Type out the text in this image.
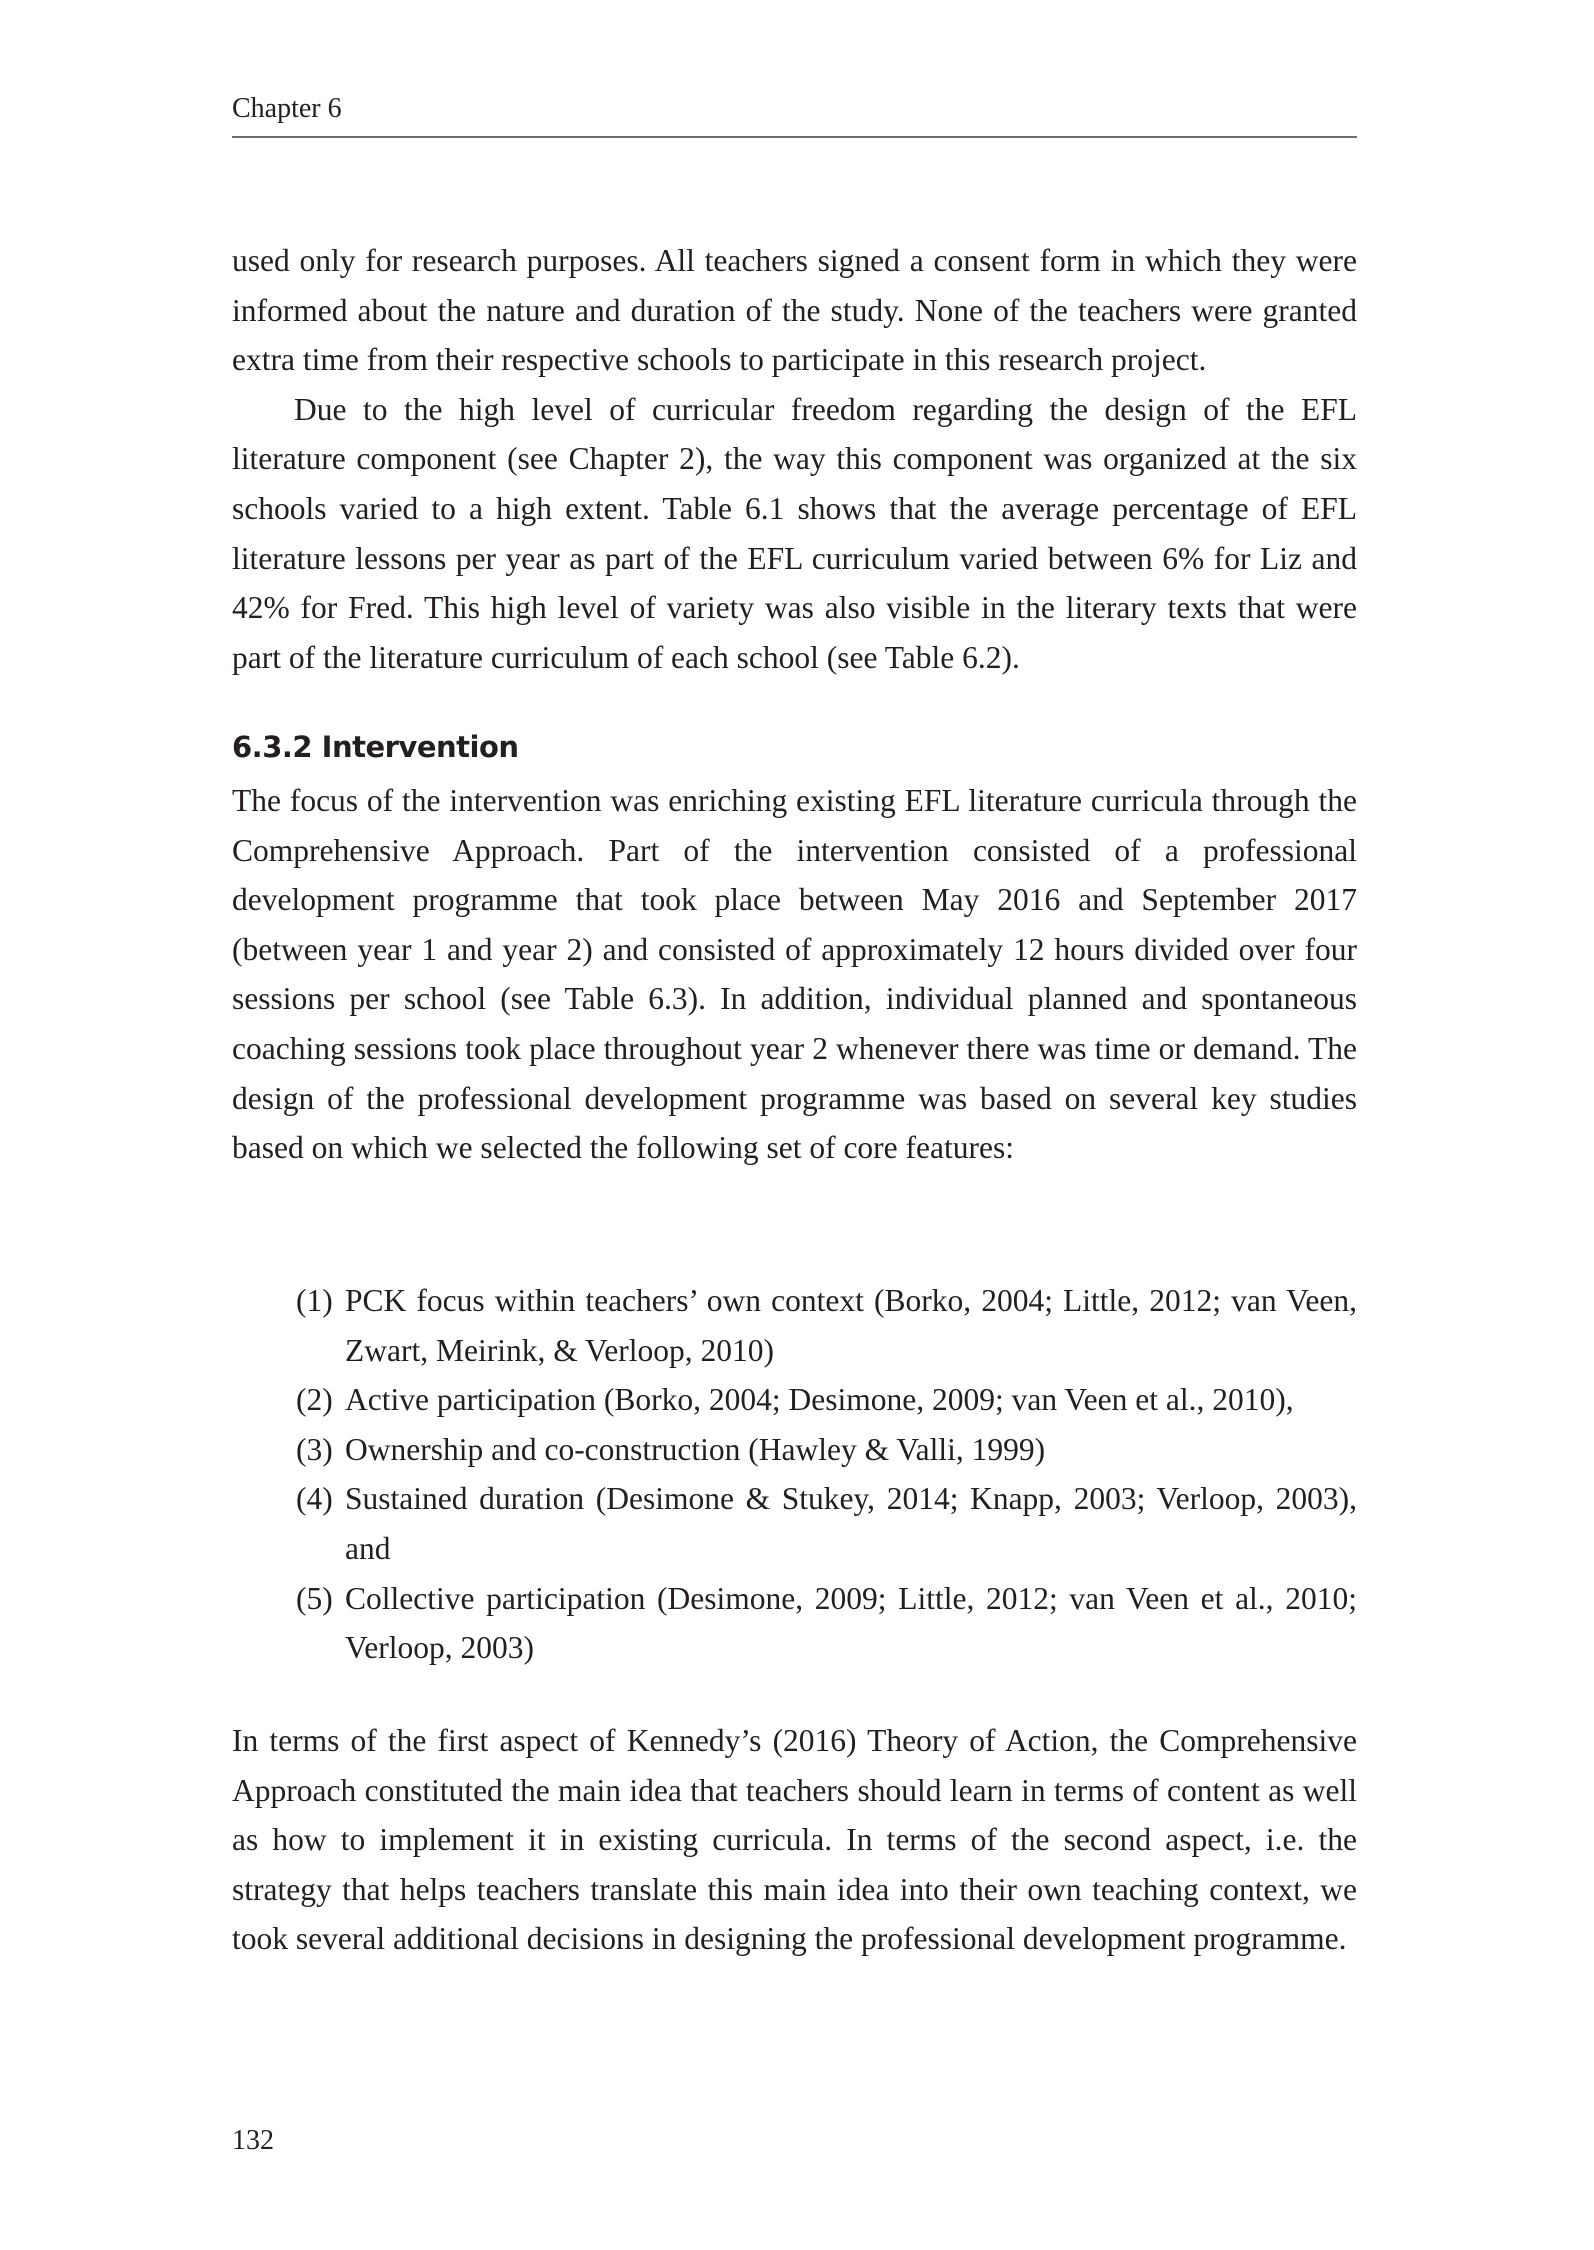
Chapter 6

used only for research purposes. All teachers signed a consent form in which they were informed about the nature and duration of the study. None of the teachers were granted extra time from their respective schools to participate in this research project.

Due to the high level of curricular freedom regarding the design of the EFL literature component (see Chapter 2), the way this component was organized at the six schools varied to a high extent. Table 6.1 shows that the average percentage of EFL literature lessons per year as part of the EFL curriculum varied between 6% for Liz and 42% for Fred. This high level of variety was also visible in the literary texts that were part of the literature curriculum of each school (see Table 6.2).

6.3.2 Intervention

The focus of the intervention was enriching existing EFL literature curricula through the Comprehensive Approach. Part of the intervention consisted of a professional development programme that took place between May 2016 and September 2017 (between year 1 and year 2) and consisted of approximately 12 hours divided over four sessions per school (see Table 6.3). In addition, individual planned and spontaneous coaching sessions took place throughout year 2 whenever there was time or demand. The design of the professional development programme was based on several key studies based on which we selected the following set of core features:

(1) PCK focus within teachers’ own context (Borko, 2004; Little, 2012; van Veen, Zwart, Meirink, & Verloop, 2010)
(2) Active participation (Borko, 2004; Desimone, 2009; van Veen et al., 2010),
(3) Ownership and co-construction (Hawley & Valli, 1999)
(4) Sustained duration (Desimone & Stukey, 2014; Knapp, 2003; Verloop, 2003), and
(5) Collective participation (Desimone, 2009; Little, 2012; van Veen et al., 2010; Verloop, 2003)

In terms of the first aspect of Kennedy’s (2016) Theory of Action, the Comprehensive Approach constituted the main idea that teachers should learn in terms of content as well as how to implement it in existing curricula. In terms of the second aspect, i.e. the strategy that helps teachers translate this main idea into their own teaching context, we took several additional decisions in designing the professional development programme.

132
